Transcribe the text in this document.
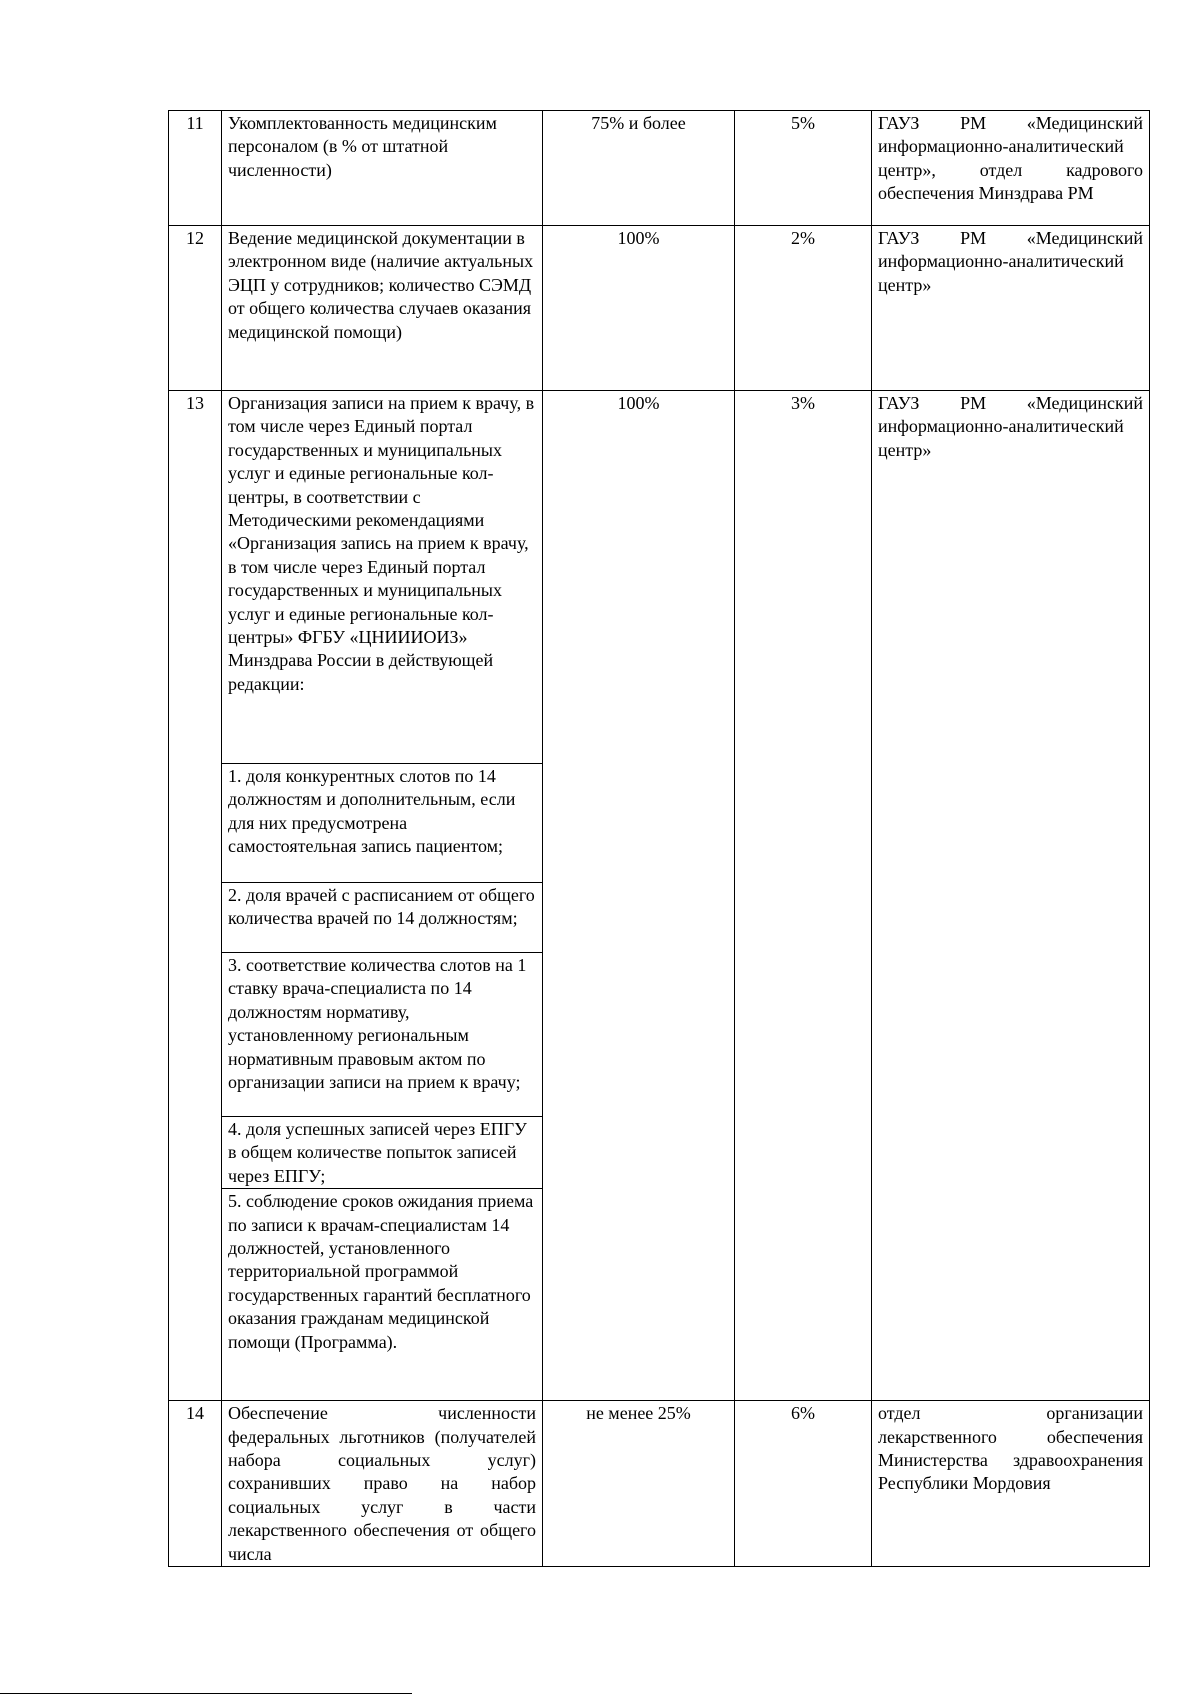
11	Укомплектованность медицинским персоналом (в % от штатной численности)	75% и более	5%	ГАУЗ РМ «Медицинский информационно-аналитический центр», отдел кадрового обеспечения Минздрава РМ
12	Ведение медицинской документации в электронном виде (наличие актуальных ЭЦП у сотрудников; количество СЭМД от общего количества случаев оказания медицинской помощи)	100%	2%	ГАУЗ РМ «Медицинский информационно-аналитический центр»
13	Организация записи на прием к врачу, в том числе через Единый портал государственных и муниципальных услуг и единые региональные кол-центры, в соответствии с Методическими рекомендациями «Организация запись на прием к врачу, в том числе через Единый портал государственных и муниципальных услуг и единые региональные кол-центры» ФГБУ «ЦНИИИОИЗ» Минздрава России в действующей редакции:	100%	3%	ГАУЗ РМ «Медицинский информационно-аналитический центр»
	1. доля конкурентных слотов по 14 должностям и дополнительным, если для них предусмотрена самостоятельная запись пациентом;			
	2. доля врачей с расписанием от общего количества врачей по 14 должностям;			
	3. соответствие количества слотов на 1 ставку врача-специалиста по 14 должностям нормативу, установленному региональным нормативным правовым актом по организации записи на прием к врачу;			
	4. доля успешных записей через ЕПГУ в общем количестве попыток записей через ЕПГУ;			
	5. соблюдение сроков ожидания приема по записи к врачам-специалистам 14 должностей, установленного территориальной программой государственных гарантий бесплатного оказания гражданам медицинской помощи (Программа).			
14	Обеспечение численности федеральных льготников (получателей набора социальных услуг) сохранивших право на набор социальных услуг в части лекарственного обеспечения от общего числа	не менее 25%	6%	отдел организации лекарственного обеспечения Министерства здравоохранения Республики Мордовия
